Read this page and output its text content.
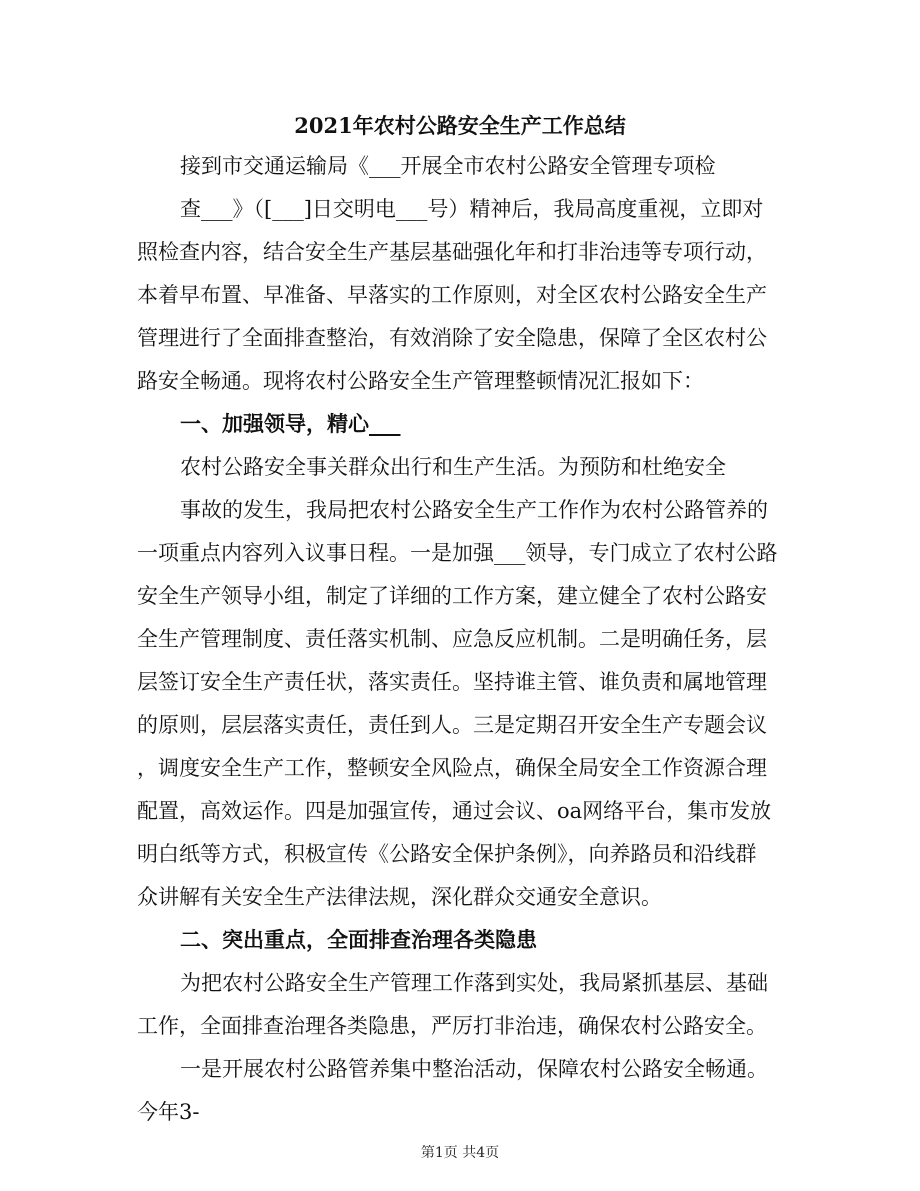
2021年农村公路安全生产工作总结
接到市交通运输局《___开展全市农村公路安全管理专项检
查___》（[___]日交明电___号）精神后，我局高度重视，立即对
照检查内容，结合安全生产基层基础强化年和打非治违等专项行动，
本着早布置、早准备、早落实的工作原则，对全区农村公路安全生产
管理进行了全面排查整治，有效消除了安全隐患，保障了全区农村公
路安全畅通。现将农村公路安全生产管理整顿情况汇报如下：
一、加强领导，精心___
农村公路安全事关群众出行和生产生活。为预防和杜绝安全
事故的发生，我局把农村公路安全生产工作作为农村公路管养的
一项重点内容列入议事日程。一是加强___领导，专门成立了农村公路
安全生产领导小组，制定了详细的工作方案，建立健全了农村公路安
全生产管理制度、责任落实机制、应急反应机制。二是明确任务，层
层签订安全生产责任状，落实责任。坚持谁主管、谁负责和属地管理
的原则，层层落实责任，责任到人。三是定期召开安全生产专题会议
，调度安全生产工作，整顿安全风险点，确保全局安全工作资源合理
配置，高效运作。四是加强宣传，通过会议、oa网络平台，集市发放
明白纸等方式，积极宣传《公路安全保护条例》，向养路员和沿线群
众讲解有关安全生产法律法规，深化群众交通安全意识。
二、突出重点，全面排查治理各类隐患
为把农村公路安全生产管理工作落到实处，我局紧抓基层、基础
工作，全面排查治理各类隐患，严厉打非治违，确保农村公路安全。
一是开展农村公路管养集中整治活动，保障农村公路安全畅通。
今年3-
第1页 共4页
